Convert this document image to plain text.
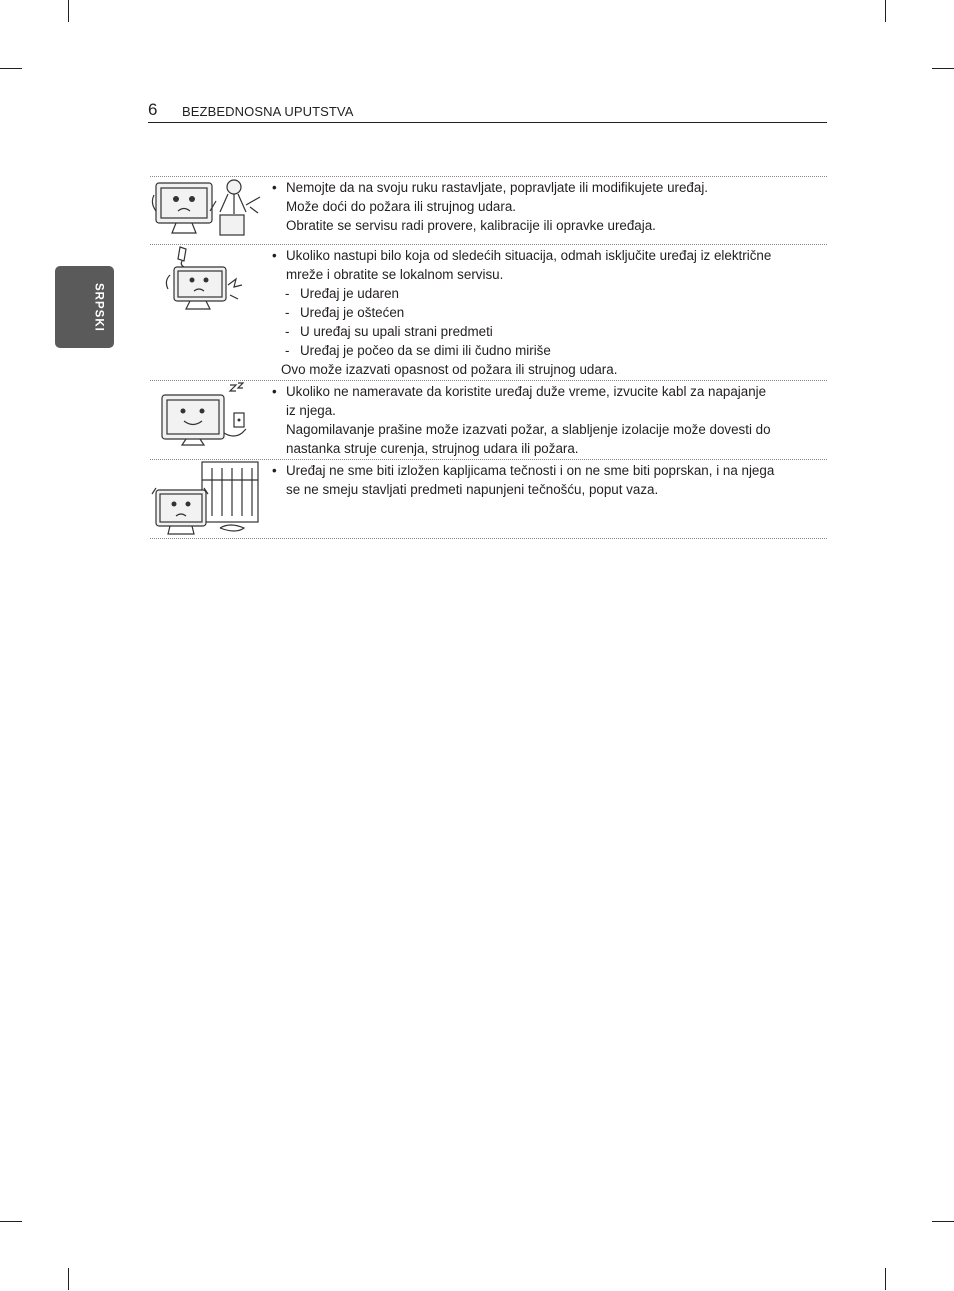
6 BEZBEDNOSNA UPUTSTVA
SRPSKI
• Nemojte da na svoju ruku rastavljate, popravljate ili modifikujete uređaj.
Može doći do požara ili strujnog udara.
Obratite se servisu radi provere, kalibracije ili opravke uređaja.
• Ukoliko nastupi bilo koja od sledećih situacija, odmah isključite uređaj iz električne
mreže i obratite se lokalnom servisu.
- Uređaj je udaren
- Uređaj je oštećen
- U uređaj su upali strani predmeti
- Uređaj je počeo da se dimi ili čudno miriše
Ovo može izazvati opasnost od požara ili strujnog udara.
• Ukoliko ne nameravate da koristite uređaj duže vreme, izvucite kabl za napajanje
iz njega.
Nagomilavanje prašine može izazvati požar, a slabljenje izolacije može dovesti do
nastanka struje curenja, strujnog udara ili požara.
• Uređaj ne sme biti izložen kapljicama tečnosti i on ne sme biti poprskan, i na njega
se ne smeju stavljati predmeti napunjeni tečnošću, poput vaza.
